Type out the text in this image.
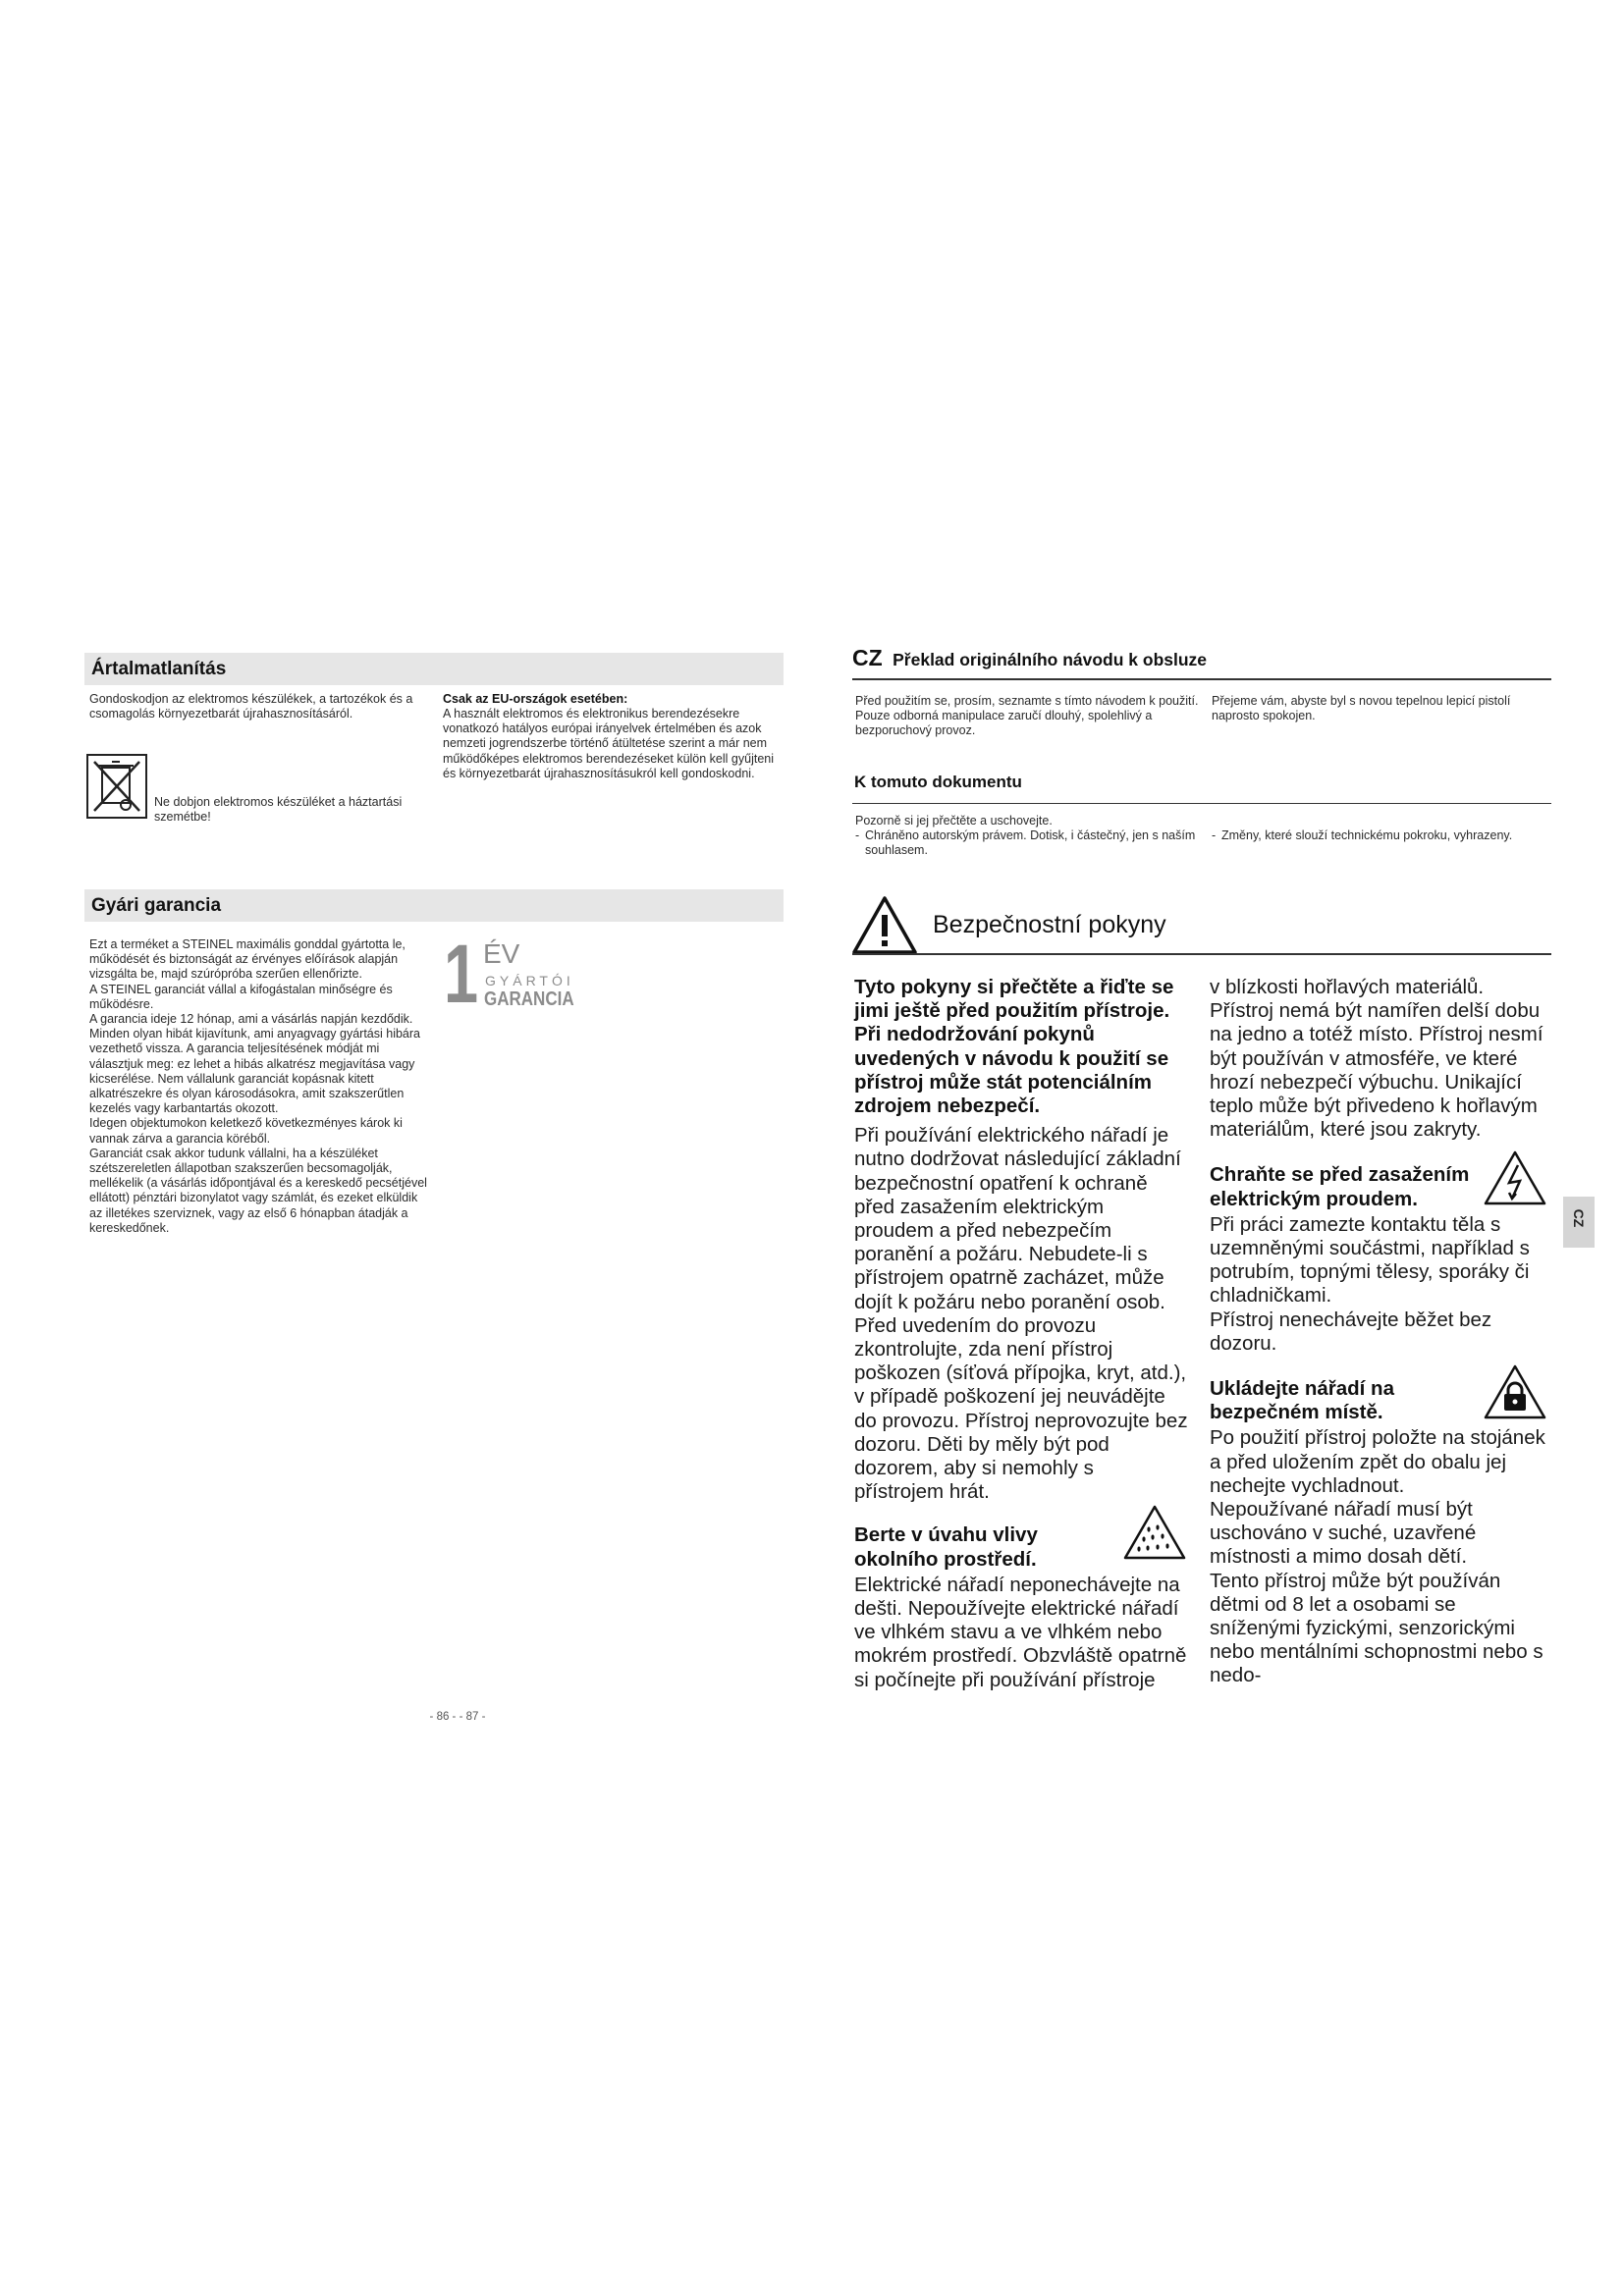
Ártalmatlanítás

Gondoskodjon az elektromos készülékek, a tartozékok és a csomagolás környezetbarát újrahasznosításáról.

Ne dobjon elektromos készüléket a háztartási szemétbe!

Csak az EU-országok esetében:

A használt elektromos és elektronikus berendezésekre vonatkozó hatályos európai irányelvek értelmében és azok nemzeti jogrendszerbe történő átültetése szerint a már nem működőképes elektromos berendezéseket külön kell gyűjteni és környezetbarát újrahasznosításukról kell gondoskodni.

Gyári garancia

Ezt a terméket a STEINEL maximális gonddal gyártotta le, működését és biztonságát az érvényes előírások alapján vizsgálta be, majd szúrópróba szerűen ellenőrizte.

A STEINEL garanciát vállal a kifogástalan minőségre és működésre.

A garancia ideje 12 hónap, ami a vásárlás napján kezdődik. Minden olyan hibát kijavítunk, ami anyagvagy gyártási hibára vezethető vissza. A garancia teljesítésének módját mi választjuk meg: ez lehet a hibás alkatrész megjavítása vagy kicserélése. Nem vállalunk garanciát kopásnak kitett alkatrészekre és olyan károsodásokra, amit szakszerűtlen kezelés vagy karbantartás okozott.

Idegen objektumokon keletkező következményes károk ki vannak zárva a garancia köréből.

Garanciát csak akkor tudunk vállalni, ha a készüléket szétszereletlen állapotban szakszerűen becsomagolják, mellékelik (a vásárlás időpontjával és a kereskedő pecsétjével ellátott) pénztári bizonylatot vagy számlát, és ezeket elküldik az illetékes szerviznek, vagy az első 6 hónapban átadják a kereskedőnek.

1 ÉV
GYÁRTÓI
GARANCIA
- 86 - - 87 -
CZ Překlad originálního návodu k obsluze

Před použitím se, prosím, seznamte s tímto návodem k použití. Pouze odborná manipulace zaručí dlouhý, spolehlivý a bezporuchový provoz.

Přejeme vám, abyste byl s novou tepelnou lepicí pistolí naprosto spokojen.

K tomuto dokumentu

Pozorně si jej přečtěte a uschovejte.

- Chráněno autorským právem. Dotisk, i částečný, jen s naším souhlasem.
- Změny, které slouží technickému pokroku, vyhrazeny.
Bezpečnostní pokyny

Tyto pokyny si přečtěte a řiďte se jimi ještě před použitím přístroje. Při nedodržování pokynů uvedených v návodu k použití se přístroj může stát potenciálním zdrojem nebezpečí.

Při používání elektrického nářadí je nutno dodržovat následující základní bezpečnostní opatření k ochraně před zasažením elektrickým proudem a před nebezpečím poranění a požáru. Nebudete-li s přístrojem opatrně zacházet, může dojít k požáru nebo poranění osob.

Před uvedením do provozu zkontrolujte, zda není přístroj poškozen (síťová přípojka, kryt, atd.), v případě poškození jej neuvádějte do provozu. Přístroj neprovozujte bez dozoru. Děti by měly být pod dozorem, aby si nemohly s přístrojem hrát.

Berte v úvahu vlivy okolního prostředí.

Elektrické nářadí neponechávejte na dešti. Nepoužívejte elektrické nářadí ve vlhkém stavu a ve vlhkém nebo mokrém prostředí. Obzvláště opatrně si počínejte při používání přístroje

v blízkosti hořlavých materiálů. Přístroj nemá být namířen delší dobu na jedno a totéž místo. Přístroj nesmí být používán v atmosféře, ve které hrozí nebezpečí výbuchu. Unikající teplo může být přivedeno k hořlavým materiálům, které jsou zakryty.

Chraňte se před zasažením elektrickým proudem.

Při práci zamezte kontaktu těla s uzemněnými součástmi, například s potrubím, topnými tělesy, sporáky či chladničkami.

Přístroj nenechávejte běžet bez dozoru.

Ukládejte nářadí na bezpečném místě.

Po použití přístroj položte na stojánek a před uložením zpět do obalu jej nechejte vychladnout.

Nepoužívané nářadí musí být uschováno v suché, uzavřené místnosti a mimo dosah dětí.

Tento přístroj může být používán dětmi od 8 let a osobami se sníženými fyzickými, senzorickými nebo mentálními schopnostmi nebo s nedo-

CZ
